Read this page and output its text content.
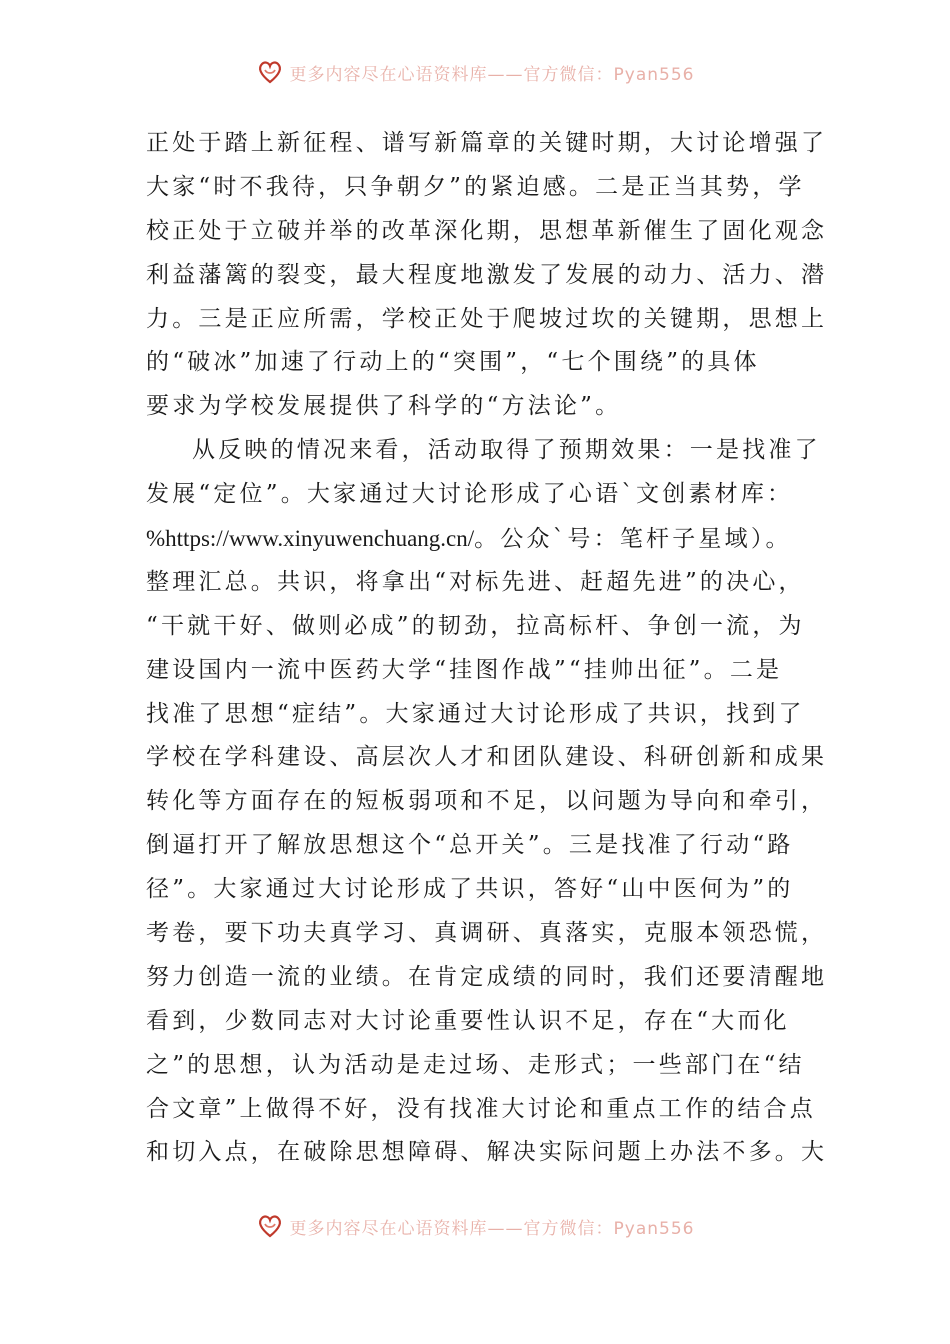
更多内容尽在心语资料库——官方微信：Pyan556
正处于踏上新征程、谱写新篇章的关键时期，大讨论增强了
大家“时不我待，只争朝夕”的紧迫感。二是正当其势，学
校正处于立破并举的改革深化期，思想革新催生了固化观念
利益藩篱的裂变，最大程度地激发了发展的动力、活力、潜
力。三是正应所需，学校正处于爬坡过坎的关键期，思想上
的“破冰”加速了行动上的“突围”，“七个围绕”的具体
要求为学校发展提供了科学的“方法论”。
从反映的情况来看，活动取得了预期效果：一是找准了
发展“定位”。大家通过大讨论形成了心语`文创素材库：
%https://www.xinyuwenchuang.cn/。公众`号：笔杆子星域）。
整理汇总。共识，将拿出“对标先进、赶超先进”的决心，
“干就干好、做则必成”的韧劲，拉高标杆、争创一流，为
建设国内一流中医药大学“挂图作战”“挂帅出征”。二是
找准了思想“症结”。大家通过大讨论形成了共识，找到了
学校在学科建设、高层次人才和团队建设、科研创新和成果
转化等方面存在的短板弱项和不足，以问题为导向和牵引，
倒逼打开了解放思想这个“总开关”。三是找准了行动“路
径”。大家通过大讨论形成了共识，答好“山中医何为”的
考卷，要下功夫真学习、真调研、真落实，克服本领恐慌，
努力创造一流的业绩。在肯定成绩的同时，我们还要清醒地
看到，少数同志对大讨论重要性认识不足，存在“大而化
之”的思想，认为活动是走过场、走形式；一些部门在“结
合文章”上做得不好，没有找准大讨论和重点工作的结合点
和切入点，在破除思想障碍、解决实际问题上办法不多。大
更多内容尽在心语资料库——官方微信：Pyan556
